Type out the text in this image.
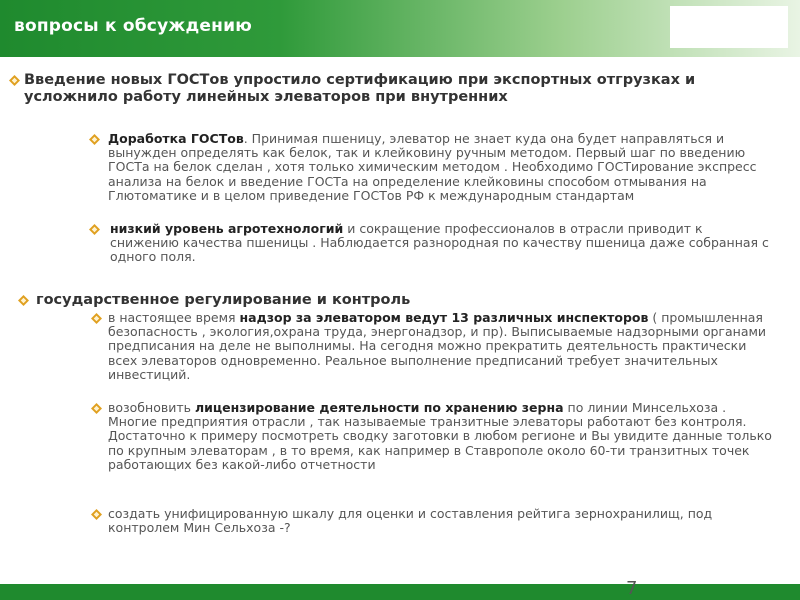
вопросы к обсуждению

Введение новых ГОСТов упростило сертификацию при экспортных отгрузках и усложнило работу линейных элеваторов при внутренних

Доработка ГОСТов. Принимая пшеницу, элеватор не знает куда она будет направляться и вынужден определять как белок, так и клейковину ручным методом. Первый шаг по введению ГОСТа на белок сделан , хотя только химическим методом . Необходимо ГОСТирование экспресс анализа на белок и введение ГОСТа на определение клейковины способом отмывания на Глютоматике и в целом приведение ГОСТов РФ к международным стандартам

низкий уровень агротехнологий и сокращение профессионалов в отрасли приводит к снижению качества пшеницы . Наблюдается разнородная по качеству пшеница даже собранная с одного поля.

государственное регулирование и контроль

в настоящее время надзор за элеватором ведут 13 различных инспекторов ( промышленная безопасность , экология,охрана труда, энергонадзор, и пр). Выписываемые надзорными органами предписания на деле не выполнимы. На сегодня можно прекратить деятельность практически всех элеваторов одновременно. Реальное выполнение предписаний требует значительных инвестиций.

возобновить лицензирование деятельности по хранению зерна по линии Минсельхоза . Многие предприятия отрасли , так называемые транзитные элеваторы работают без контроля. Достаточно к примеру посмотреть сводку заготовки в любом регионе и Вы увидите данные только по крупным элеваторам , в то время, как например в Ставрополе около 60-ти транзитных точек работающих без какой-либо отчетности

создать унифицированную шкалу для оценки и составления рейтига зернохранилищ, под контролем Мин Сельхоза -?

7
